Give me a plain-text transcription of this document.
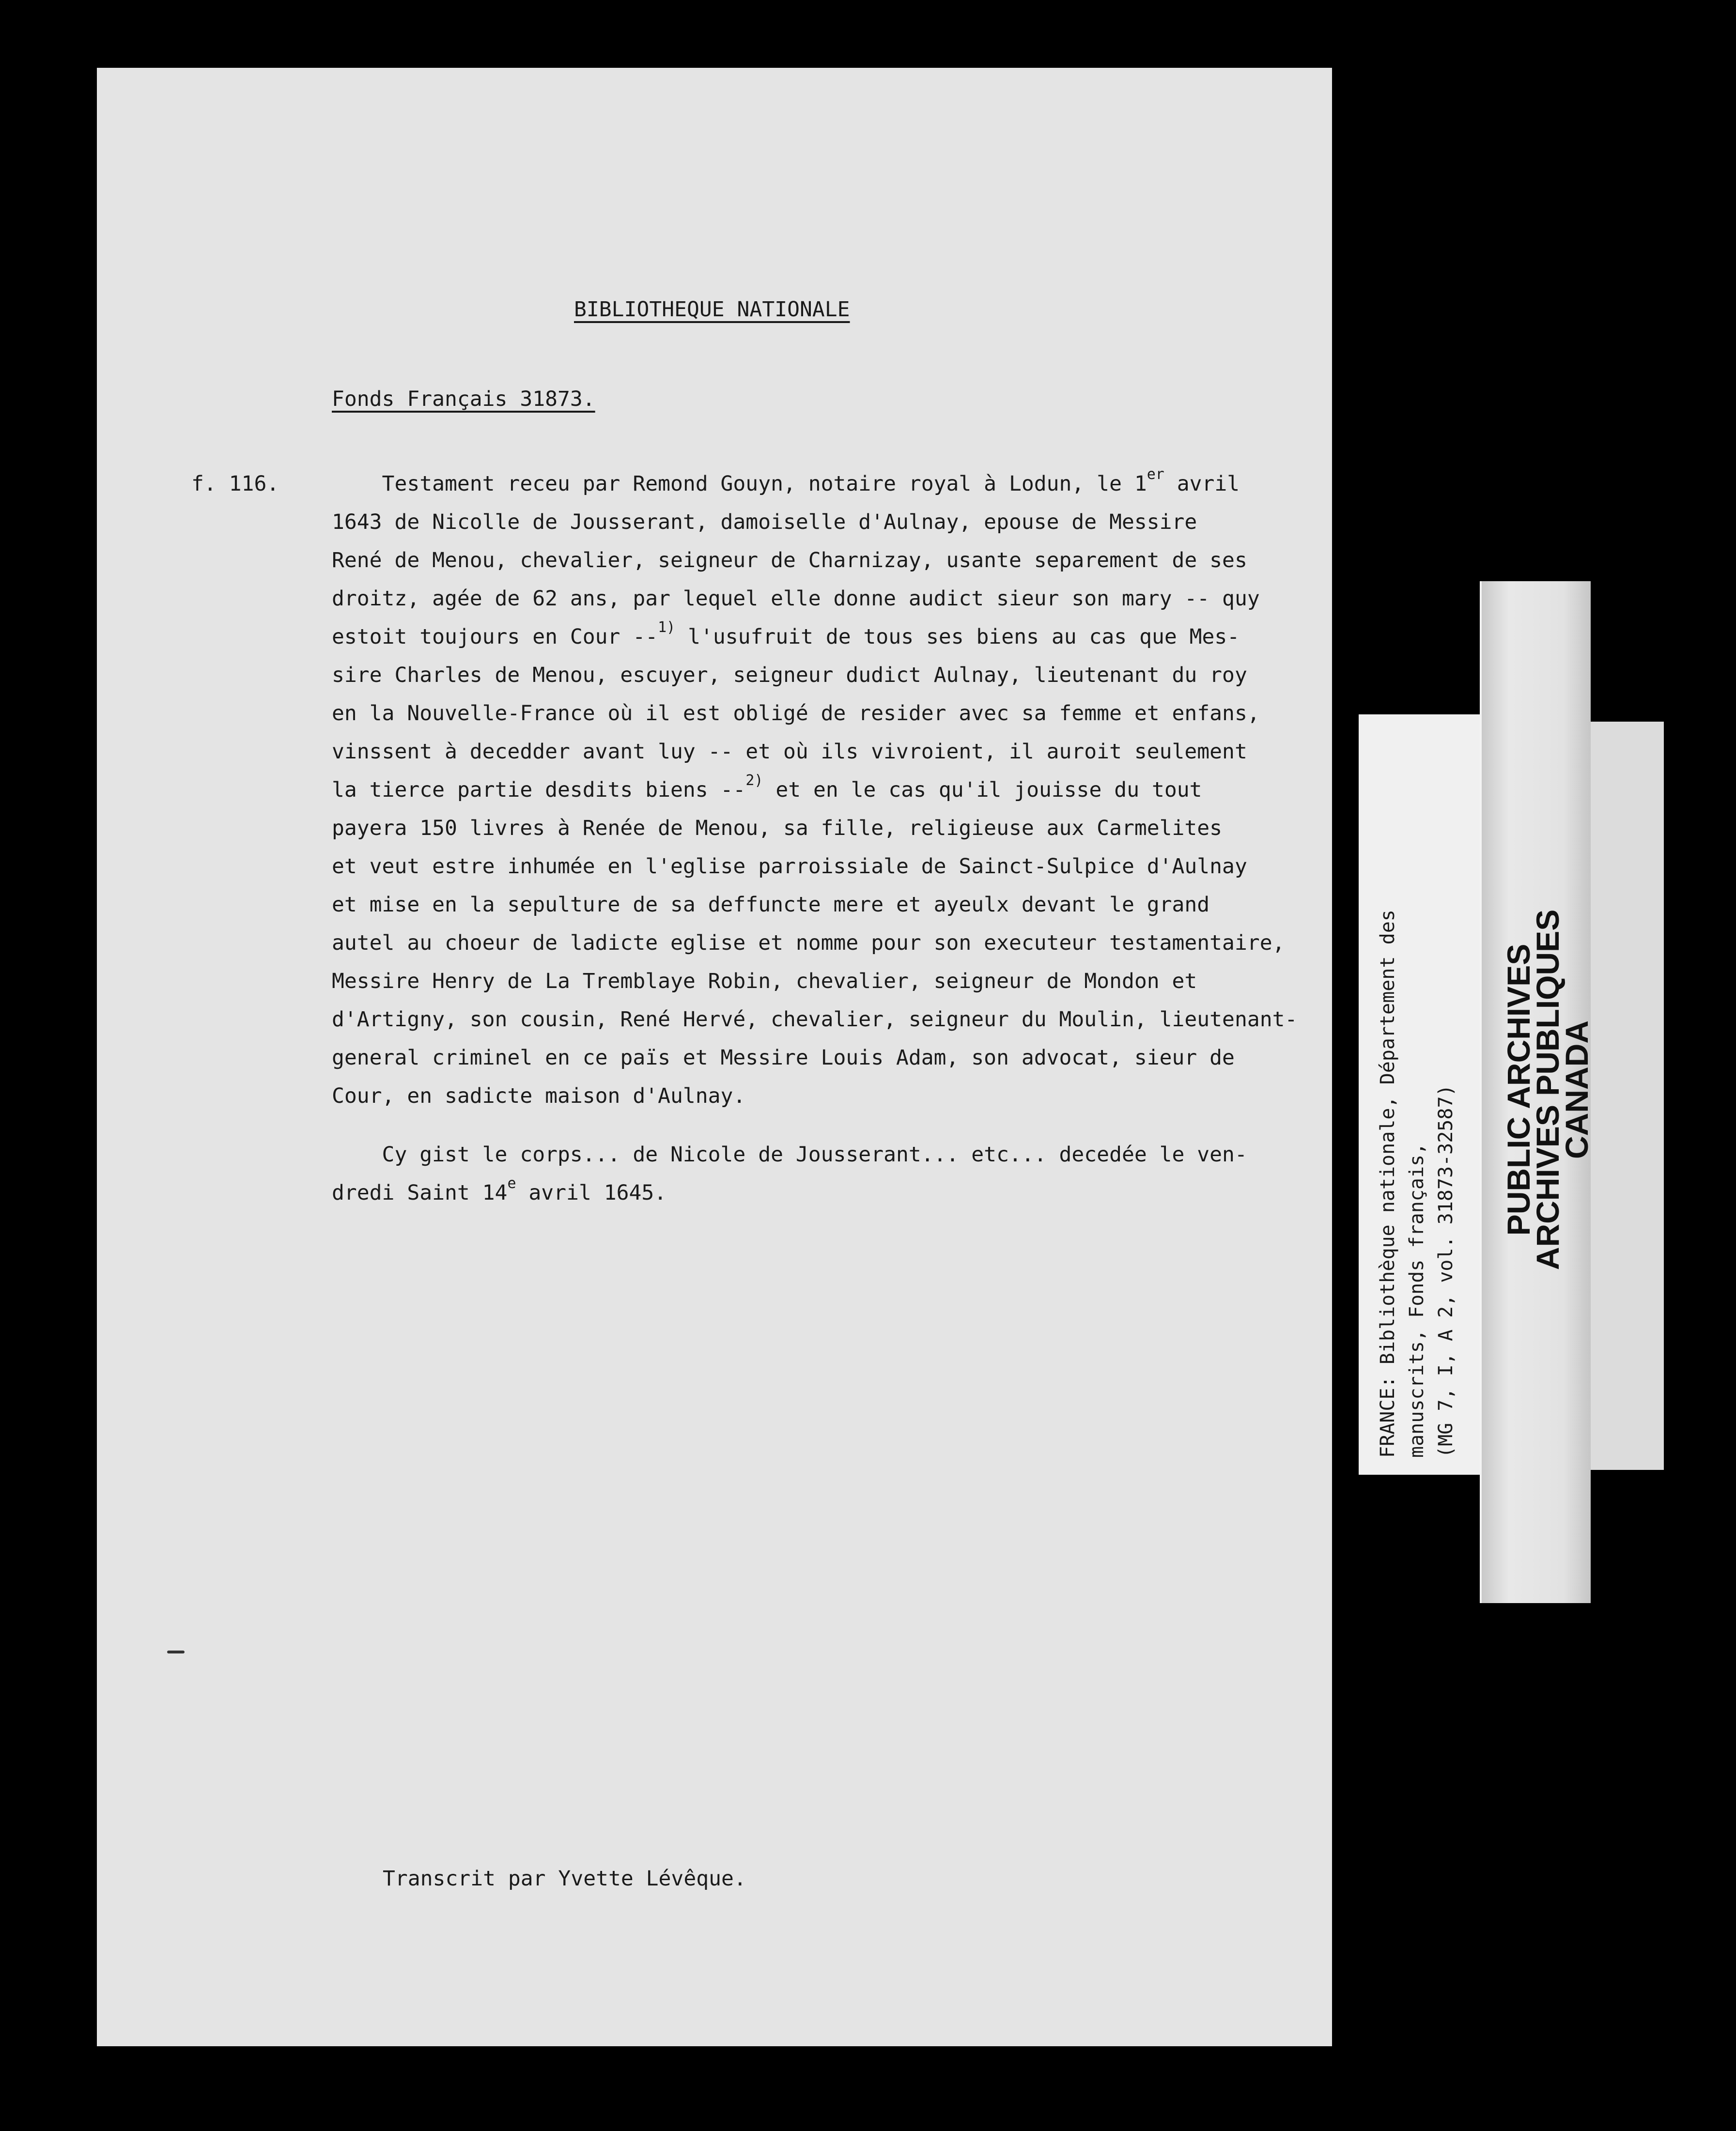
BIBLIOTHEQUE NATIONALE
Fonds Français 31873.
f. 116.	Testament receu par Remond Gouyn, notaire royal à Lodun, le 1er avril
1643 de Nicolle de Jousserant, damoiselle d'Aulnay, epouse de Messire
René de Menou, chevalier, seigneur de Charnizay, usante separement de ses
droitz, agée de 62 ans, par lequel elle donne audict sieur son mary -- quy
estoit toujours en Cour --$^{1)}$ l'usufruit de tous ses biens au cas que Mes-
sire Charles de Menou, escuyer, seigneur dudict Aulnay, lieutenant du roy
en la Nouvelle-France où il est obligé de resider avec sa femme et enfans,
vinssent à decedder avant luy -- et où ils vivroient, il auroit seulement
la tierce partie desdits biens --$^{2)}$ et en le cas qu'il jouisse du tout
payera 150 livres à Renée de Menou, sa fille, religieuse aux Carmelites
et veut estre inhumée en l'eglise parroissiale de Sainct-Sulpice d'Aulnay
et mise en la sepulture de sa deffuncte mere et ayeulx devant le grand
autel au choeur de ladicte eglise et nomme pour son executeur testamentaire,
Messire Henry de La Tremblaye Robin, chevalier, seigneur de Mondon et
d'Artigny, son cousin, René Hervé, chevalier, seigneur du Moulin, lieutenant-
general criminel en ce païs et Messire Louis Adam, son advocat, sieur de
Cour, en sadicte maison d'Aulnay.
Cy gist le corps... de Nicole de Jousserant... etc... decedée le ven-
dredi Saint 14e avril 1645.
Transcrit par Yvette Lévêque.
FRANCE: Bibliothèque nationale, Département des manuscrits, Fonds français, (MG 7, I, A 2, vol. 31873-32587) PUBLIC ARCHIVES
ARCHIVES PUBLIQUES
CANADA
